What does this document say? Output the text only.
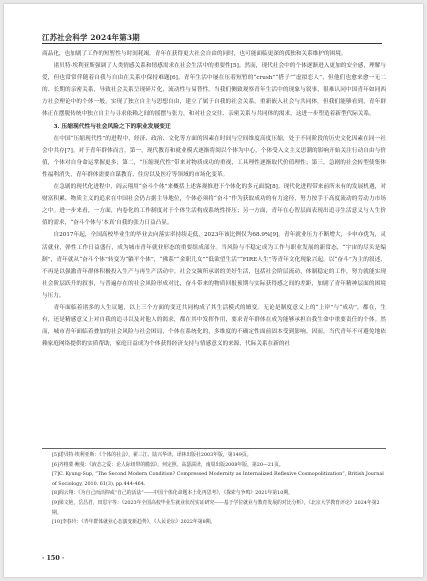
江苏社会科学 2024年第3期

商品化，也加剧了工作的短暂性与时间耗竭。青年在获得更大社会自由的同时，也可能面临更深的孤独和关系维护的困境。

诸贝特·埃利亚斯强调了人类情感关系和情感需求在社会生活中的重要性[5]。然而，现代社会中的个体逐渐进入更加的安全感，理解与爱，但也常常伴随着自我与自由在关系中保持难题[6]。青年生活中屡在压着短暂的“crush”“搭子”“虚拟恋人”，但他们也愈来愈一无二的、长期的亲密关系，导致社会关系呈现碎片化、流动性与易替性。当我们侧致观察青年生活中的现象与叙事，很难认同中国青年如同西方社会理论中的个体一般，实现了独立自主与思想自由，建立了属于自我的社会关系，重新嵌入社会与共同体。但我们能够看到，青年群体正在摆脱传统中独立自主与寻求依赖之间的摇摆与张力，和对社会交往、亲密关系与共同体的渴求，这进一步塑造着新型代际关系。

3. 压缩现代性与社会风险之下的职业发展变迁

在中国“压缩现代性”的进程中，经济、政治、文化等方面的因素在时间与空间维度高度压缩，处于不同阶段的历史文化因素在同一社会中共存[7]。对于青年群体而言，第一，现代教育和就业模式逐渐将阅以个体为中心，个体受入文主义思潮的影响开始关注行动自由与价值，个体对自身命运掌握更多；第二，“压缩现代性”带来对物质成功的重视，工具理性逐渐取代价值理性；第三，急剧的社会转型使集体性福利消失，青年群体需要自谋教育、住房以及医疗等领域的市场化变革。

在急剧的现代化进程中，阎云翔用“奋斗个体”来概括上述客观推进下个体化的多元面貌[8]。现代化进程带来前所未有的发展机遇，对财富积累、物质主义的追求在中国社会仍占据主导地位，个体必须将“奋斗”作为获取成功的有力途径，努力按手于高度流动的劳动力市场之中。进一步来看，一方面，内卷化的工作制度对于个体生活构成系统性挤压；另一方面，青年在心智层面表现出追寻生活意义与人生价值的需求，“奋斗个体与‘本真’自我的张力日益凸显。

自2017年起，全国高校毕业生的毕业去向落实率持续走低，2023年该比例仅为68.9%[9]。青年就业压力不断增大，卡申亦优为，灵活就业，弹性工作日益盛行，成为城市青年就业形态的重要组成部分。当风险与不稳定成为工作与职业发展的新常态，“宇宙的尽头是编制”，青年就从“奋斗个体”转变为“躺平个体”，“佛系”“金职儿女”“低欲望生活”“FIRE人生”等青年文化现象兴起，以“奋斗”为主的叙述、不再是以强激青年群体积极投入生产与再生产活动中。社会交频所承诺的美好生活，包括社会阶层流动，体制稳定的工作，努力就能实现社会阶层跃升的叙事，与普遍存在的社会风险形成对比，奋斗带来的物质回报预期与实际获得感之间的差距，加剧了青年精神层面的困境与压力。

青年面临着诸多的人生议题，以上三个方面的变迁共同构成了其生活模式的嬗变。无论是制度意义上的“上岸”与“成功”，都在，生有，还是精感意义上对自我的追寻以及对他人的渴求，都在其中发挥作用，要求青年群体在成为能够承担自我生命中重要责任的个体。然而，城市青年面临着叠加的社会风险与社会困局，个体在系统化的，多维度的不确定性面前固本受到影响。因而，当代青年不可避免地依赖家庭网络提供的实质帮助，家庭日益成为个体获得经济支持与情感意义的来源，代际关系在新的社

[5]诺贝特·埃利亚斯：《个体的社会》，翟三江、陆兴华译，译林出版社2003年版，第149页。
[6]齐格蒙·鲍曼：《液态之爱：论人际纽带的脆弱》，何定照、高瑟濡译，南周出版2008年版，第20—21页。
[7]C. Kyung-Sup, “The Second Modern Condition? Compressed Modernity as Internalized Reflexive Cosmopolitization”, British Journal of Sociology, 2010, 61(3), pp.444-464.
[8]阎云翔：《为自己而活抑或“自己的活法”——中国个体化命题本土化再思考》，《探索与争鸣》2021年第10期。
[9]梁文艳，岳昌君，田思宇等：《2023年全国高校毕业生就业状况实证研究——基于学位就业与教育发展的对比分析》，《北京大学教育评论》2024年第2期。
[10]李春玲：《青年群体就业心态演变新趋势》，《人民论坛》2022年第8期。
· 150 ·
